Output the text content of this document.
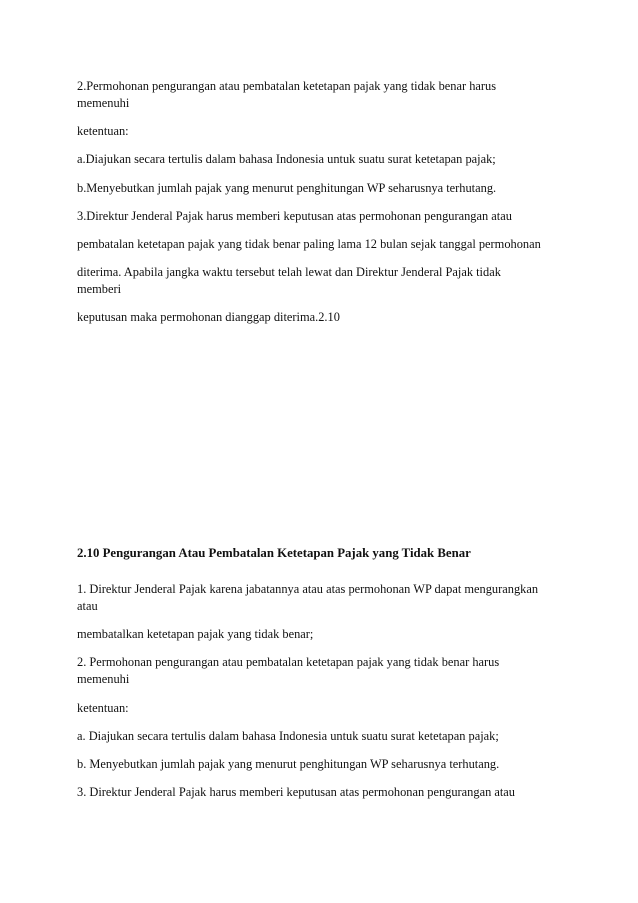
2.Permohonan pengurangan atau pembatalan ketetapan pajak yang tidak benar harus
memenuhi
ketentuan:
a.Diajukan secara tertulis dalam bahasa Indonesia untuk suatu surat ketetapan pajak;
b.Menyebutkan jumlah pajak yang menurut penghitungan WP seharusnya terhutang.
3.Direktur Jenderal Pajak harus memberi keputusan atas permohonan pengurangan atau
pembatalan ketetapan pajak yang tidak benar paling lama 12 bulan sejak tanggal permohonan
diterima. Apabila jangka waktu tersebut telah lewat dan Direktur Jenderal Pajak tidak
memberi
keputusan maka permohonan dianggap diterima.2.10
2.10 Pengurangan Atau Pembatalan Ketetapan Pajak yang Tidak Benar
1. Direktur Jenderal Pajak karena jabatannya atau atas permohonan WP dapat mengurangkan
atau
membatalkan ketetapan pajak yang tidak benar;
2. Permohonan pengurangan atau pembatalan ketetapan pajak yang tidak benar harus
memenuhi
ketentuan:
a. Diajukan secara tertulis dalam bahasa Indonesia untuk suatu surat ketetapan pajak;
b. Menyebutkan jumlah pajak yang menurut penghitungan WP seharusnya terhutang.
3. Direktur Jenderal Pajak harus memberi keputusan atas permohonan pengurangan atau
